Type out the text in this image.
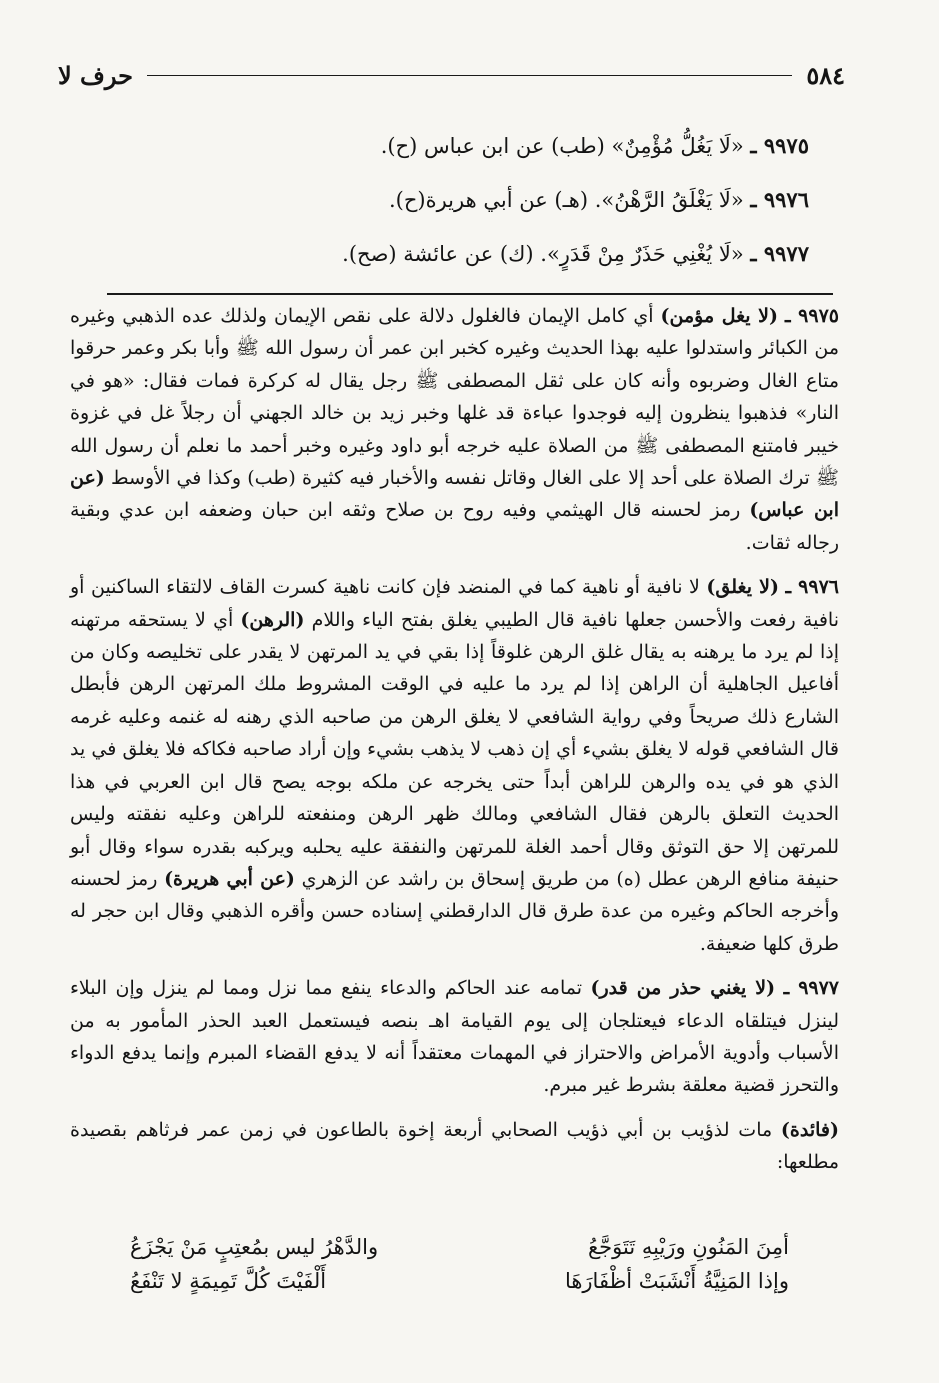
٥٨٤
حرف لا
٩٩٧٥ ـ «لَا يَغُلُّ مُؤْمِنٌ» (طب) عن ابن عباس (ح).
٩٩٧٦ ـ «لَا يَغْلَقُ الرَّهْنُ». (هـ) عن أبي هريرة(ح).
٩٩٧٧ ـ «لَا يُغْنِي حَذَرٌ مِنْ قَدَرٍ». (ك) عن عائشة (صح).

٩٩٧٥ ـ (لا يغل مؤمن) أي كامل الإيمان فالغلول دلالة على نقص الإيمان ولذلك عده الذهبي وغيره من الكبائر واستدلوا عليه بهذا الحديث وغيره كخبر ابن عمر أن رسول الله ﷺ وأبا بكر وعمر حرقوا متاع الغال وضربوه وأنه كان على ثقل المصطفى ﷺ رجل يقال له كركرة فمات فقال: «هو في النار» فذهبوا ينظرون إليه فوجدوا عباءة قد غلها وخبر زيد بن خالد الجهني أن رجلاً غل في غزوة خيبر فامتنع المصطفى ﷺ من الصلاة عليه خرجه أبو داود وغيره وخبر أحمد ما نعلم أن رسول الله ﷺ ترك الصلاة على أحد إلا على الغال وقاتل نفسه والأخبار فيه كثيرة (طب) وكذا في الأوسط (عن ابن عباس) رمز لحسنه قال الهيثمي وفيه روح بن صلاح وثقه ابن حبان وضعفه ابن عدي وبقية رجاله ثقات.

٩٩٧٦ ـ (لا يغلق) لا نافية أو ناهية كما في المنضد فإن كانت ناهية كسرت القاف لالتقاء الساكنين أو نافية رفعت والأحسن جعلها نافية قال الطيبي يغلق بفتح الياء واللام (الرهن) أي لا يستحقه مرتهنه إذا لم يرد ما يرهنه به يقال غلق الرهن غلوقاً إذا بقي في يد المرتهن لا يقدر على تخليصه وكان من أفاعيل الجاهلية أن الراهن إذا لم يرد ما عليه في الوقت المشروط ملك المرتهن الرهن فأبطل الشارع ذلك صريحاً وفي رواية الشافعي لا يغلق الرهن من صاحبه الذي رهنه له غنمه وعليه غرمه قال الشافعي قوله لا يغلق بشيء أي إن ذهب لا يذهب بشيء وإن أراد صاحبه فكاكه فلا يغلق في يد الذي هو في يده والرهن للراهن أبداً حتى يخرجه عن ملكه بوجه يصح قال ابن العربي في هذا الحديث التعلق بالرهن فقال الشافعي ومالك ظهر الرهن ومنفعته للراهن وعليه نفقته وليس للمرتهن إلا حق التوثق وقال أحمد الغلة للمرتهن والنفقة عليه يحلبه ويركبه بقدره سواء وقال أبو حنيفة منافع الرهن عطل (ه) من طريق إسحاق بن راشد عن الزهري (عن أبي هريرة) رمز لحسنه وأخرجه الحاكم وغيره من عدة طرق قال الدارقطني إسناده حسن وأقره الذهبي وقال ابن حجر له طرق كلها ضعيفة.

٩٩٧٧ ـ (لا يغني حذر من قدر) تمامه عند الحاكم والدعاء ينفع مما نزل ومما لم ينزل وإن البلاء لينزل فيتلقاه الدعاء فيعتلجان إلى يوم القيامة اهـ بنصه فيستعمل العبد الحذر المأمور به من الأسباب وأدوية الأمراض والاحتراز في المهمات معتقداً أنه لا يدفع القضاء المبرم وإنما يدفع الدواء والتحرز قضية معلقة بشرط غير مبرم.

(فائدة) مات لذؤيب بن أبي ذؤيب الصحابي أربعة إخوة بالطاعون في زمن عمر فرثاهم بقصيدة مطلعها:

أمِنَ المَنُونِ ورَيْبِهِ تَتَوَجَّعُ
والدَّهْرُ ليس بمُعتِبٍ مَنْ يَجْزَعُ
وإذا المَنِيَّةُ أَنْشَبَتْ أظْفَارَهَا
أَلْفَيْتَ كُلَّ تَمِيمَةٍ لا تَنْفَعُ
